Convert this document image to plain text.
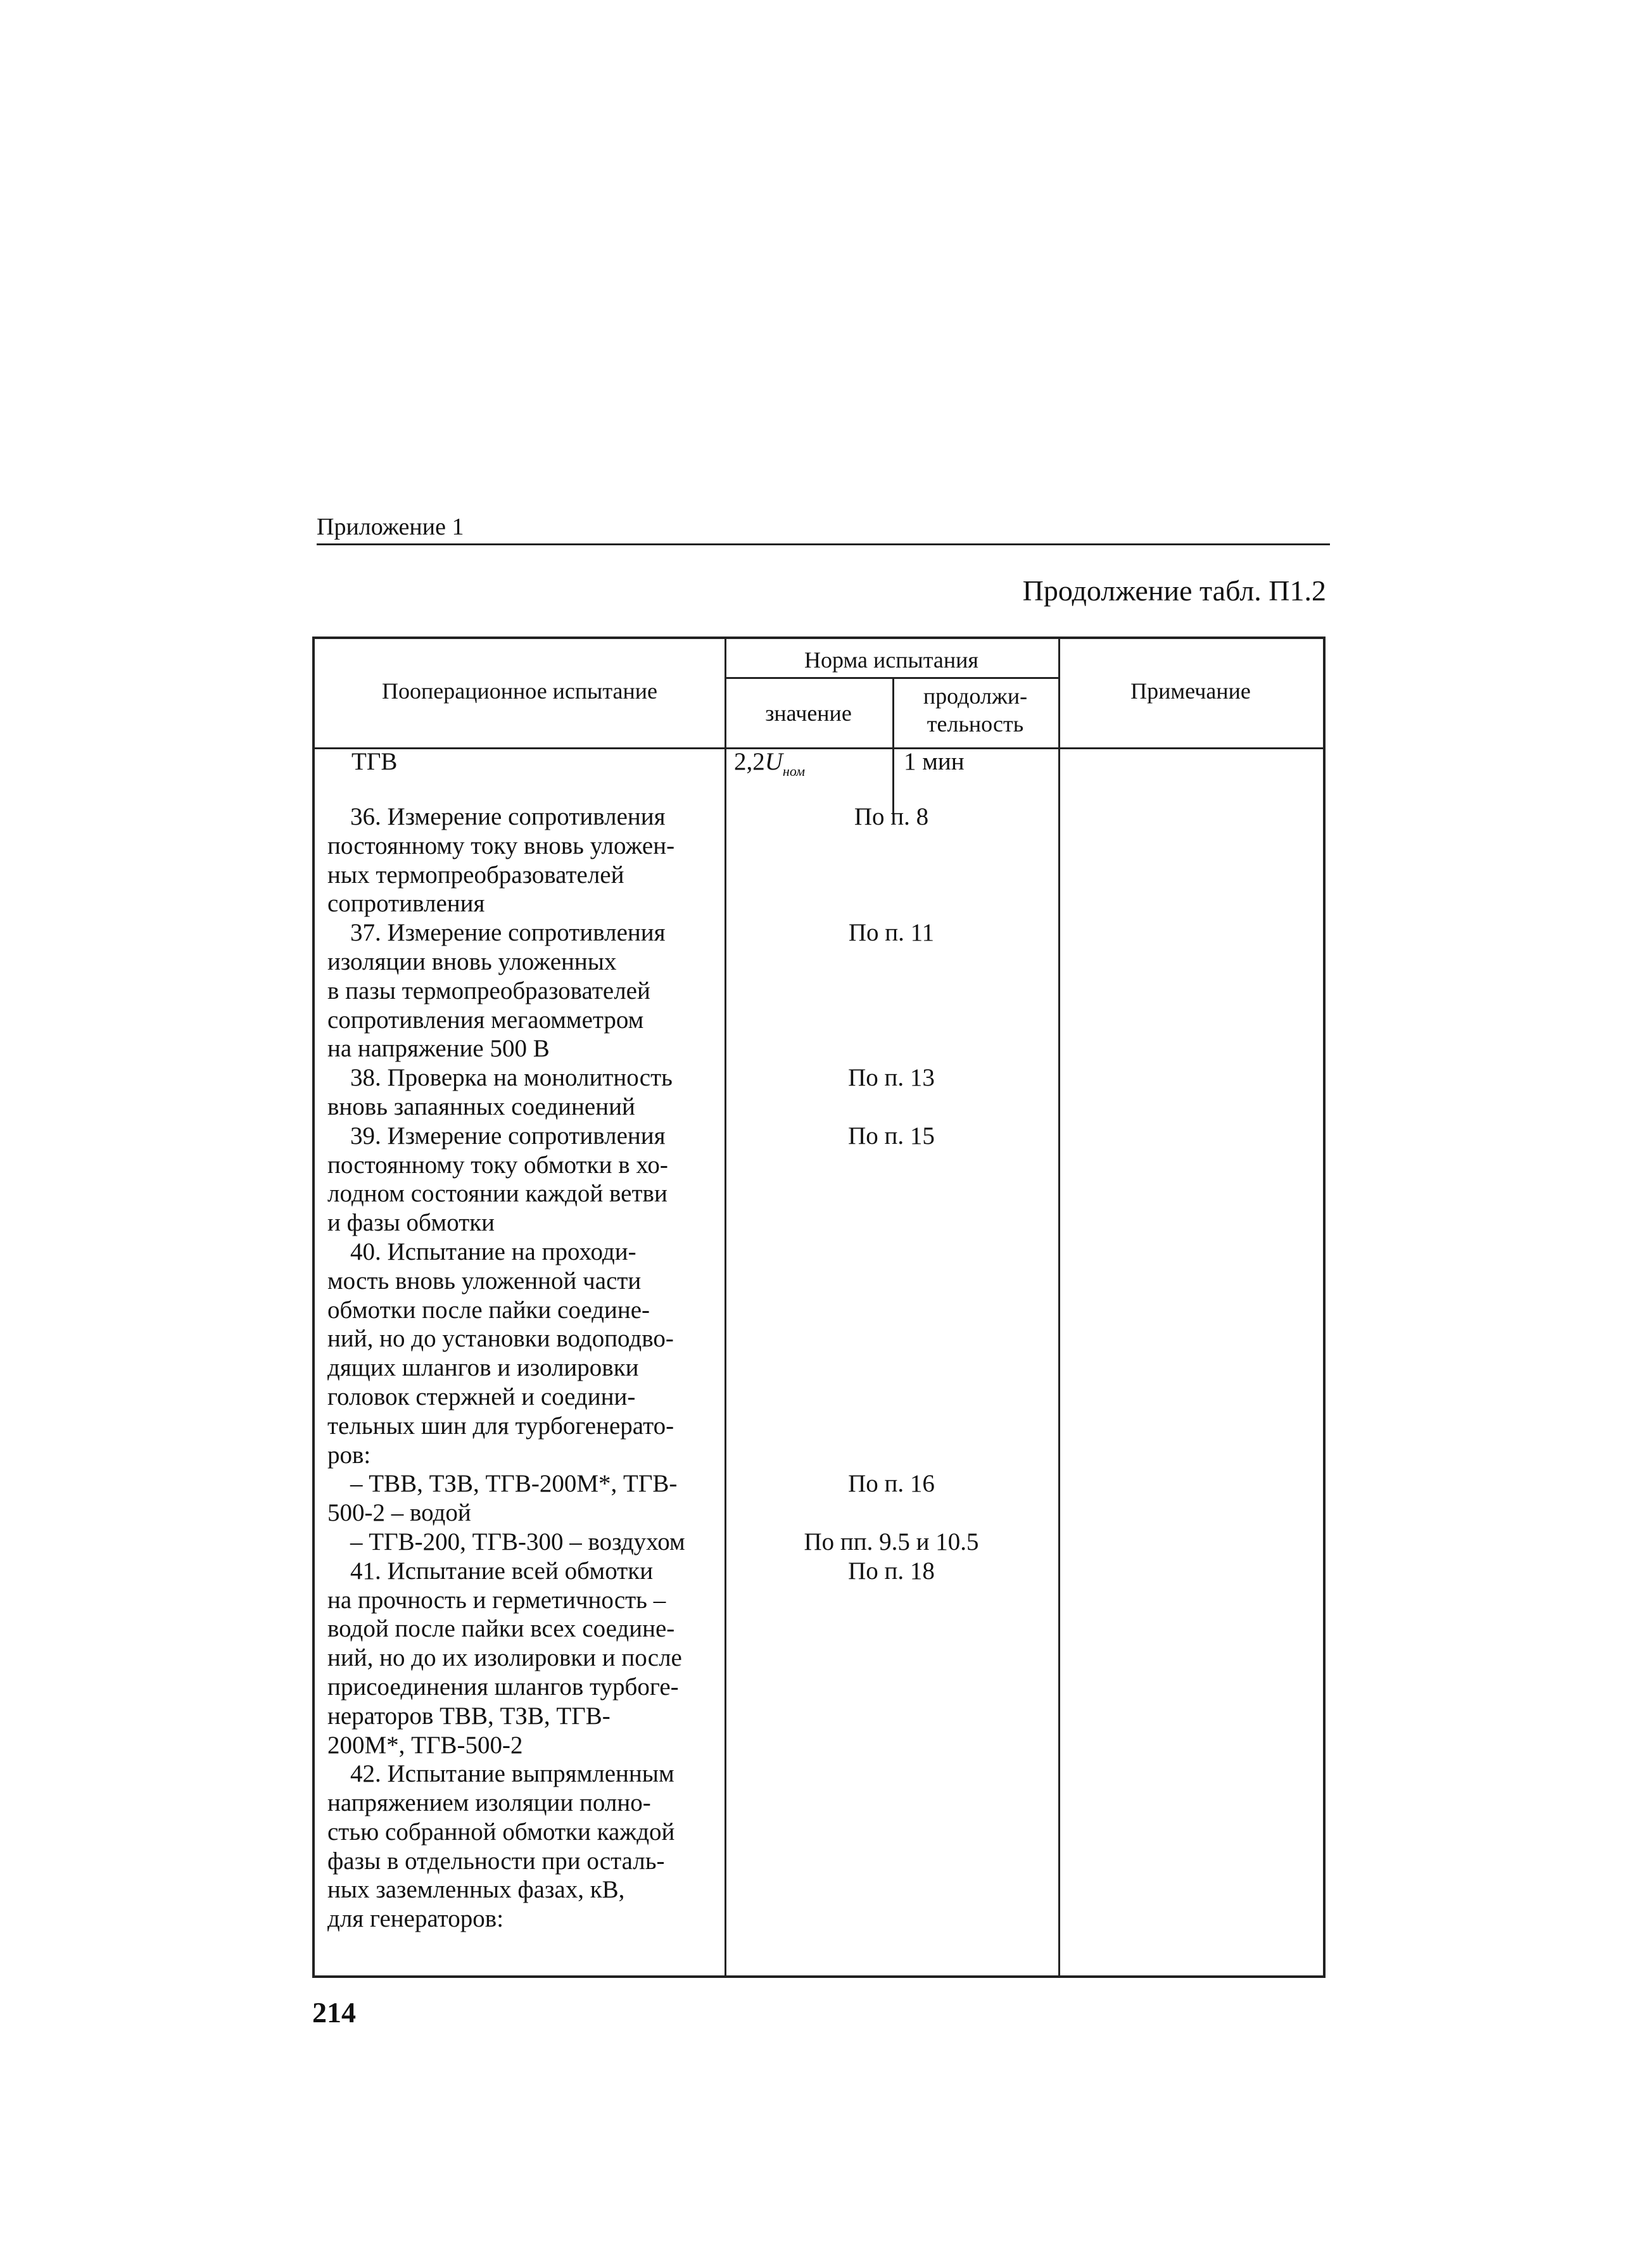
Приложение 1
Продолжение табл. П1.2
Пооперационное испытание
Норма испытания
значение
продолжи-
тельность
Примечание
ТГВ	$2,2U_{ном}$	1 мин
36. Измерение сопротивления
постоянному току вновь уложен-
ных термопреобразователей
сопротивления
37. Измерение сопротивления
изоляции вновь уложенных
в пазы термопреобразователей
сопротивления мегаомметром
на напряжение 500 В
38. Проверка на монолитность
вновь запаянных соединений
39. Измерение сопротивления
постоянному току обмотки в хо-
лодном состоянии каждой ветви
и фазы обмотки
40. Испытание на проходи-
мость вновь уложенной части
обмотки после пайки соедине-
ний, но до установки водоподво-
дящих шлангов и изолировки
головок стержней и соедини-
тельных шин для турбогенерато-
ров:
– ТВВ, ТЗВ, ТГВ-200М*, ТГВ-
500-2 – водой
– ТГВ-200, ТГВ-300 – воздухом
41. Испытание всей обмотки
на прочность и герметичность –
водой после пайки всех соедине-
ний, но до их изолировки и после
присоединения шлангов турбоге-
нераторов ТВВ, ТЗВ, ТГВ-
200М*, ТГВ-500-2
42. Испытание выпрямленным
напряжением изоляции полно-
стью собранной обмотки каждой
фазы в отдельности при осталь-
ных заземленных фазах, кВ,
для генераторов:
По п. 8

По п. 11

По п. 13

По п. 15

По п. 16

По пп. 9.5 и 10.5
По п. 18
214
